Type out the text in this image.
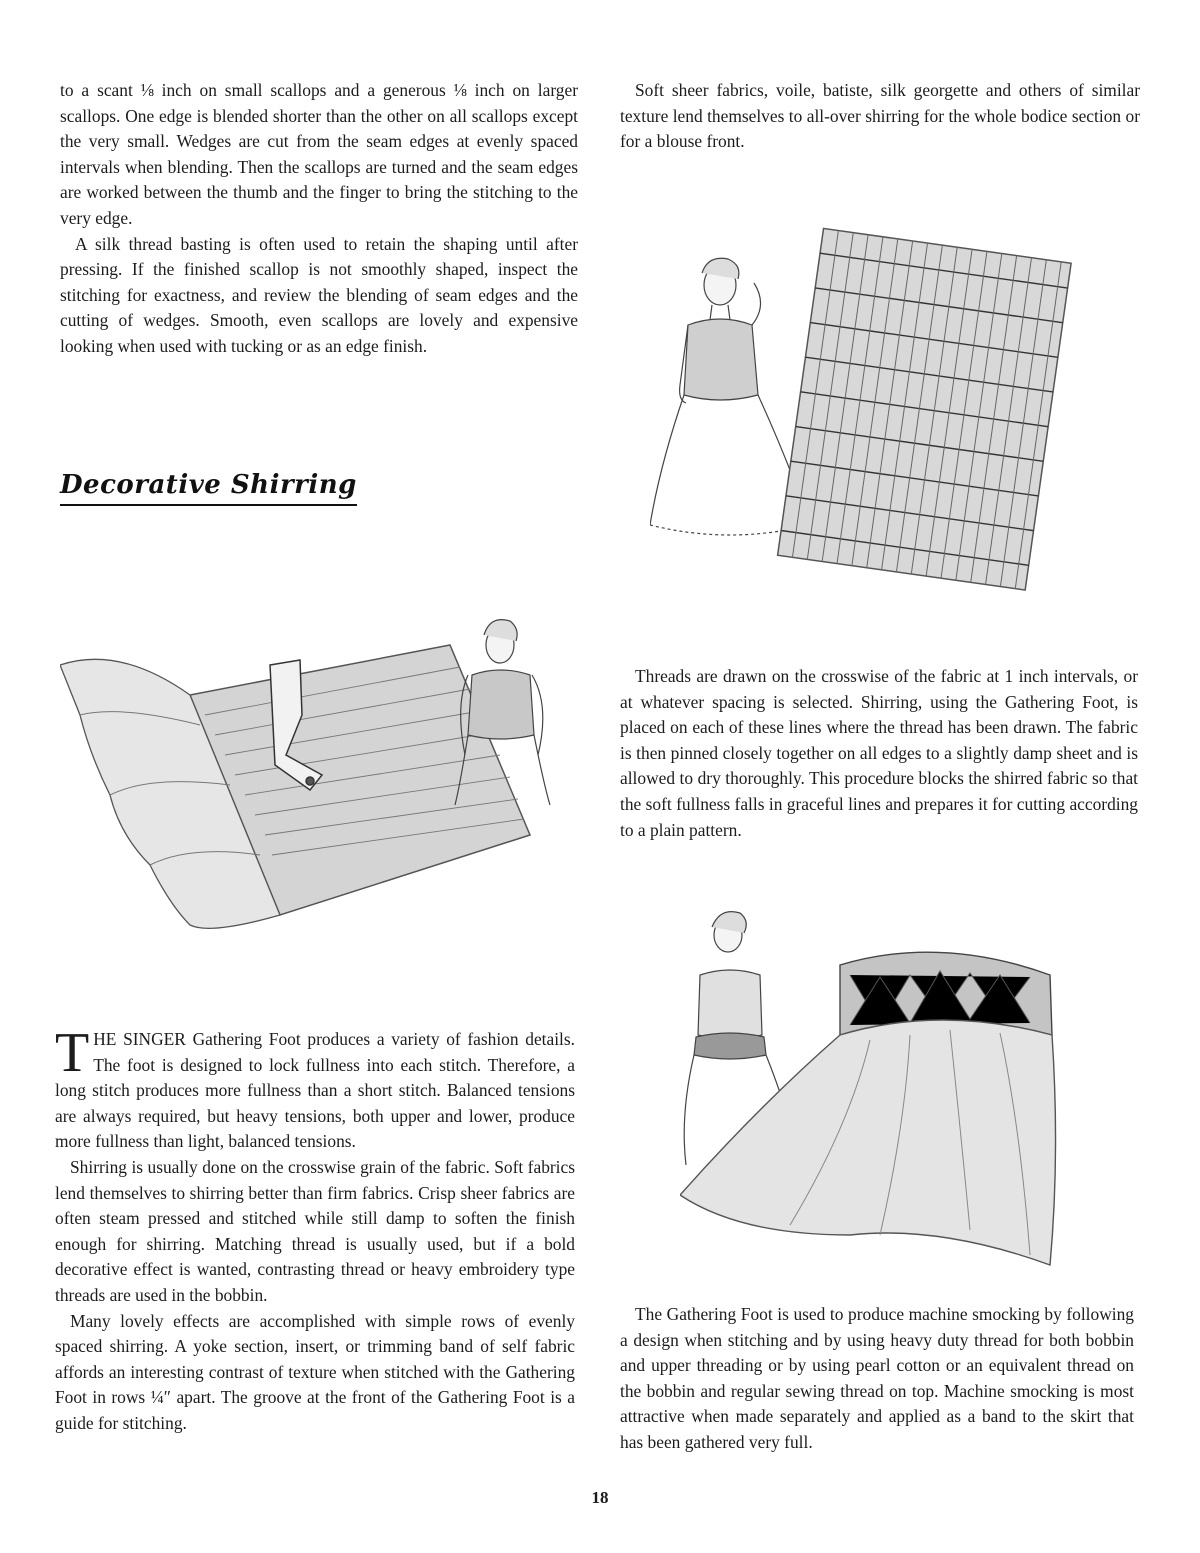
to a scant ⅛ inch on small scallops and a generous ⅛ inch on larger scallops. One edge is blended shorter than the other on all scallops except the very small. Wedges are cut from the seam edges at evenly spaced intervals when blending. Then the scallops are turned and the seam edges are worked between the thumb and the finger to bring the stitching to the very edge.

A silk thread basting is often used to retain the shaping until after pressing. If the finished scallop is not smoothly shaped, inspect the stitching for exactness, and review the blending of seam edges and the cutting of wedges. Smooth, even scallops are lovely and expensive looking when used with tucking or as an edge finish.

Soft sheer fabrics, voile, batiste, silk georgette and others of similar texture lend themselves to all-over shirring for the whole bodice section or for a blouse front.

Decorative Shirring

Threads are drawn on the crosswise of the fabric at 1 inch intervals, or at whatever spacing is selected. Shirring, using the Gathering Foot, is placed on each of these lines where the thread has been drawn. The fabric is then pinned closely together on all edges to a slightly damp sheet and is allowed to dry thoroughly. This procedure blocks the shirred fabric so that the soft fullness falls in graceful lines and prepares it for cutting according to a plain pattern.

THE SINGER Gathering Foot produces a variety of fashion details. The foot is designed to lock fullness into each stitch. Therefore, a long stitch produces more fullness than a short stitch. Balanced tensions are always required, but heavy tensions, both upper and lower, produce more fullness than light, balanced tensions.

Shirring is usually done on the crosswise grain of the fabric. Soft fabrics lend themselves to shirring better than firm fabrics. Crisp sheer fabrics are often steam pressed and stitched while still damp to soften the finish enough for shirring. Matching thread is usually used, but if a bold decorative effect is wanted, contrasting thread or heavy embroidery type threads are used in the bobbin.

Many lovely effects are accomplished with simple rows of evenly spaced shirring. A yoke section, insert, or trimming band of self fabric affords an interesting contrast of texture when stitched with the Gathering Foot in rows ¼″ apart. The groove at the front of the Gathering Foot is a guide for stitching.

The Gathering Foot is used to produce machine smocking by following a design when stitching and by using heavy duty thread for both bobbin and upper threading or by using pearl cotton or an equivalent thread on the bobbin and regular sewing thread on top. Machine smocking is most attractive when made separately and applied as a band to the skirt that has been gathered very full.

18
